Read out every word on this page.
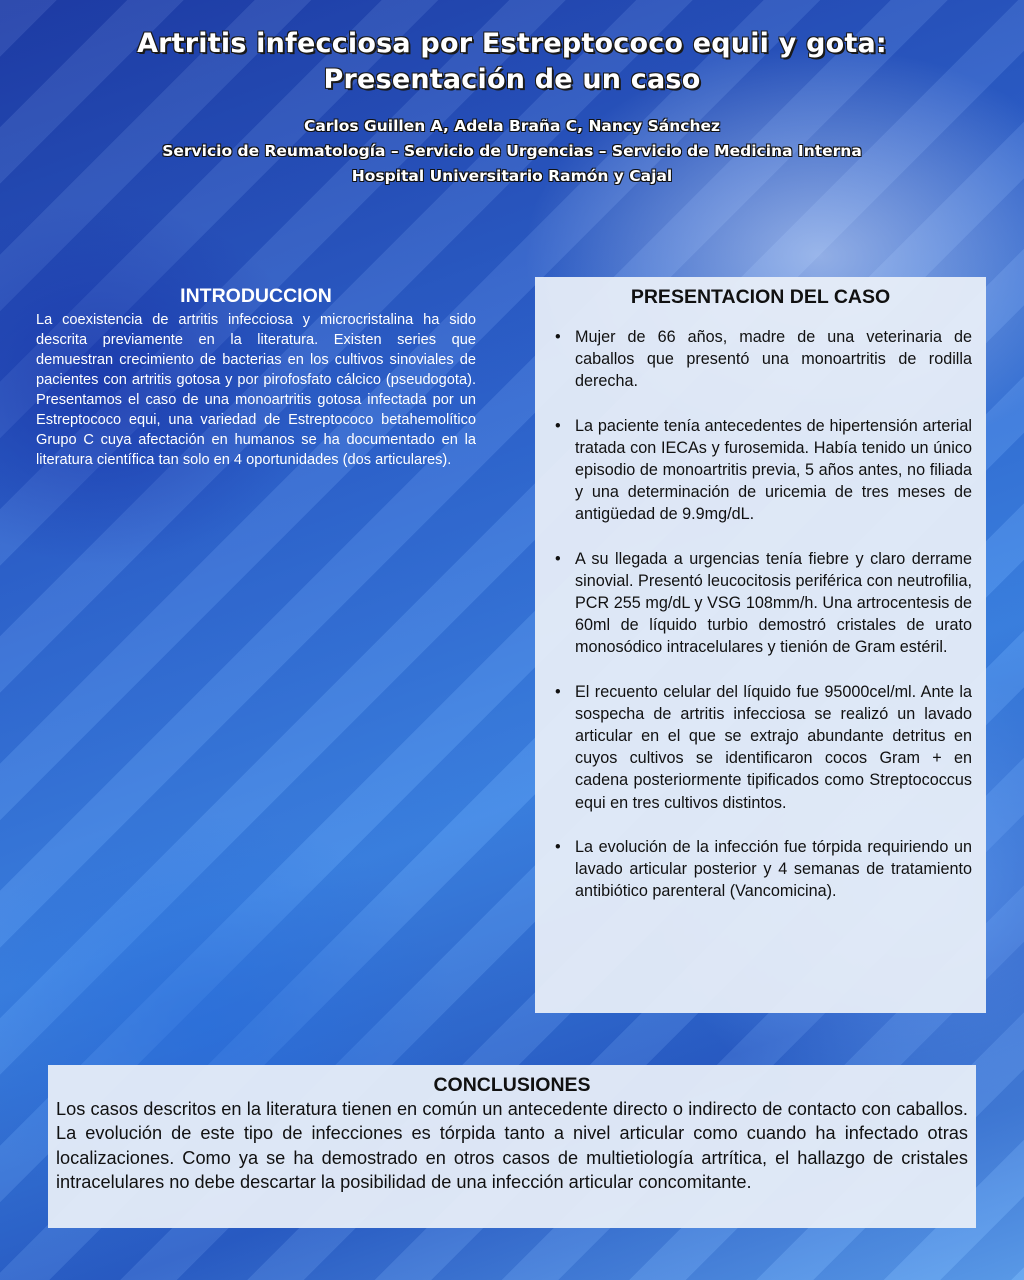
Artritis infecciosa por Estreptococo equii y gota:
Presentación de un caso
Carlos Guillen A, Adela Braña C, Nancy Sánchez
Servicio de Reumatología – Servicio de Urgencias – Servicio de Medicina Interna
Hospital Universitario Ramón y Cajal
INTRODUCCION

La coexistencia de artritis infecciosa y microcristalina ha sido descrita previamente en la literatura. Existen series que demuestran crecimiento de bacterias en los cultivos sinoviales de pacientes con artritis gotosa y por pirofosfato cálcico (pseudogota). Presentamos el caso de una monoartritis gotosa infectada por un Estreptococo equi, una variedad de Estreptococo betahemolítico Grupo C cuya afectación en humanos se ha documentado en la literatura científica tan solo en 4 oportunidades (dos articulares).

PRESENTACION DEL CASO
• Mujer de 66 años, madre de una veterinaria de caballos que presentó una monoartritis de rodilla derecha.
• La paciente tenía antecedentes de hipertensión arterial tratada con IECAs y furosemida. Había tenido un único episodio de monoartritis previa, 5 años antes, no filiada y una determinación de uricemia de tres meses de antigüedad de 9.9mg/dL.
• A su llegada a urgencias tenía fiebre y claro derrame sinovial. Presentó leucocitosis periférica con neutrofilia, PCR 255 mg/dL y VSG 108mm/h. Una artrocentesis de 60ml de líquido turbio demostró cristales de urato monosódico intracelulares y tienión de Gram estéril.
• El recuento celular del líquido fue 95000cel/ml. Ante la sospecha de artritis infecciosa se realizó un lavado articular en el que se extrajo abundante detritus en cuyos cultivos se identificaron cocos Gram + en cadena posteriormente tipificados como Streptococcus equi en tres cultivos distintos.
• La evolución de la infección fue tórpida requiriendo un lavado articular posterior y 4 semanas de tratamiento antibiótico parenteral (Vancomicina).
CONCLUSIONES

Los casos descritos en la literatura tienen en común un antecedente directo o indirecto de contacto con caballos. La evolución de este tipo de infecciones es tórpida tanto a nivel articular como cuando ha infectado otras localizaciones. Como ya se ha demostrado en otros casos de multietiología artrítica, el hallazgo de cristales intracelulares no debe descartar la posibilidad de una infección articular concomitante.
